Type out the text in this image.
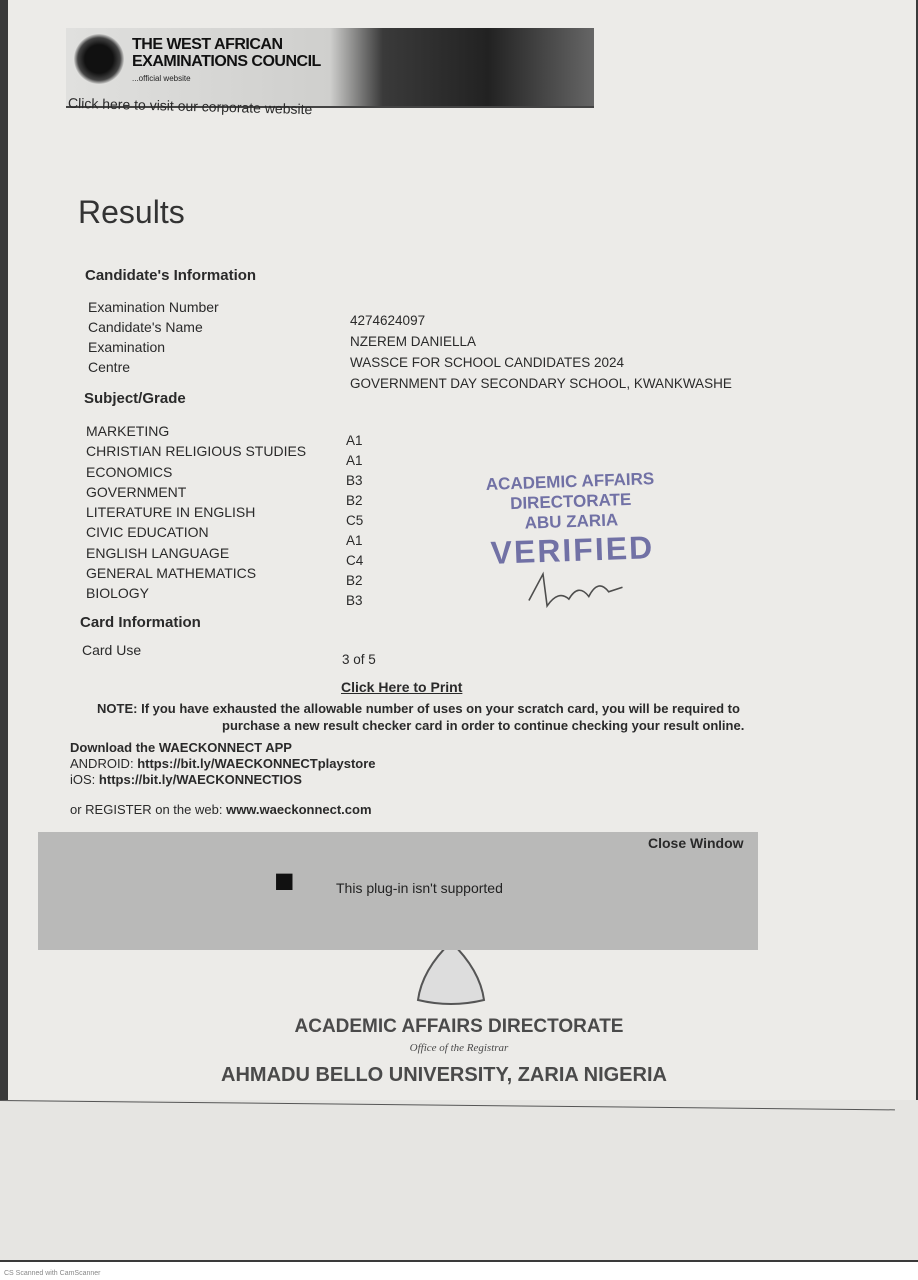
THE WEST AFRICAN
EXAMINATIONS COUNCIL
...official website
Click here to visit our corporate website
Results
Candidate's Information
Examination Number
Candidate's Name
Examination
Centre
4274624097
NZEREM DANIELLA
WASSCE FOR SCHOOL CANDIDATES 2024
GOVERNMENT DAY SECONDARY SCHOOL, KWANKWASHE
Subject/Grade
MARKETING
CHRISTIAN RELIGIOUS STUDIES
ECONOMICS
GOVERNMENT
LITERATURE IN ENGLISH
CIVIC EDUCATION
ENGLISH LANGUAGE
GENERAL MATHEMATICS
BIOLOGY
A1
A1
B3
B2
C5
A1
C4
B2
B3
ACADEMIC AFFAIRS
DIRECTORATE
ABU ZARIA
VERIFIED
Card Information
Card Use
3 of 5
Click Here to Print
NOTE: If you have exhausted the allowable number of uses on your scratch card, you will be required to
purchase a new result checker card in order to continue checking your result online.
Download the WAECKONNECT APP
ANDROID: https://bit.ly/WAECKONNECTplaystore
iOS: https://bit.ly/WAECKONNECTIOS
or REGISTER on the web: www.waeckonnect.com
■	This plug-in isn't supported
Close Window
ACADEMIC AFFAIRS DIRECTORATE
Office of the Registrar
AHMADU BELLO UNIVERSITY, ZARIA NIGERIA
CS Scanned with CamScanner
